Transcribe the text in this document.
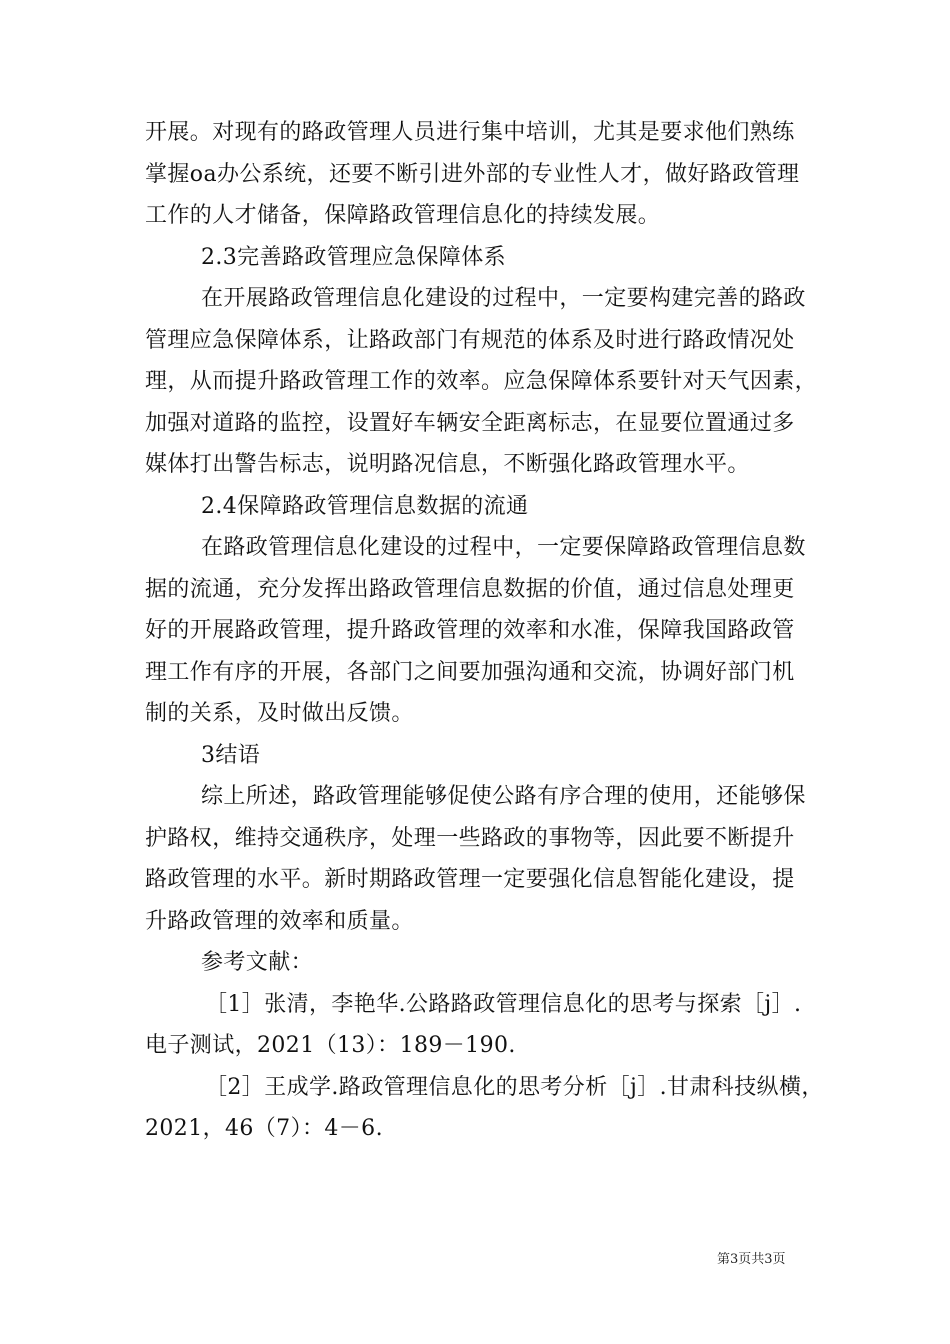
开展。对现有的路政管理人员进行集中培训，尤其是要求他们熟练
掌握oa办公系统，还要不断引进外部的专业性人才，做好路政管理
工作的人才储备，保障路政管理信息化的持续发展。
2.3完善路政管理应急保障体系
在开展路政管理信息化建设的过程中，一定要构建完善的路政
管理应急保障体系，让路政部门有规范的体系及时进行路政情况处
理，从而提升路政管理工作的效率。应急保障体系要针对天气因素，
加强对道路的监控，设置好车辆安全距离标志，在显要位置通过多
媒体打出警告标志，说明路况信息，不断强化路政管理水平。
2.4保障路政管理信息数据的流通
在路政管理信息化建设的过程中，一定要保障路政管理信息数
据的流通，充分发挥出路政管理信息数据的价值，通过信息处理更
好的开展路政管理，提升路政管理的效率和水准，保障我国路政管
理工作有序的开展，各部门之间要加强沟通和交流，协调好部门机
制的关系，及时做出反馈。
3结语
综上所述，路政管理能够促使公路有序合理的使用，还能够保
护路权，维持交通秩序，处理一些路政的事物等，因此要不断提升
路政管理的水平。新时期路政管理一定要强化信息智能化建设，提
升路政管理的效率和质量。
参考文献：
［1］张清，李艳华.公路路政管理信息化的思考与探索［j］.
电子测试，2021（13）：189－190.
［2］王成学.路政管理信息化的思考分析［j］.甘肃科技纵横，
2021，46（7）：4－6.
第3页共3页
